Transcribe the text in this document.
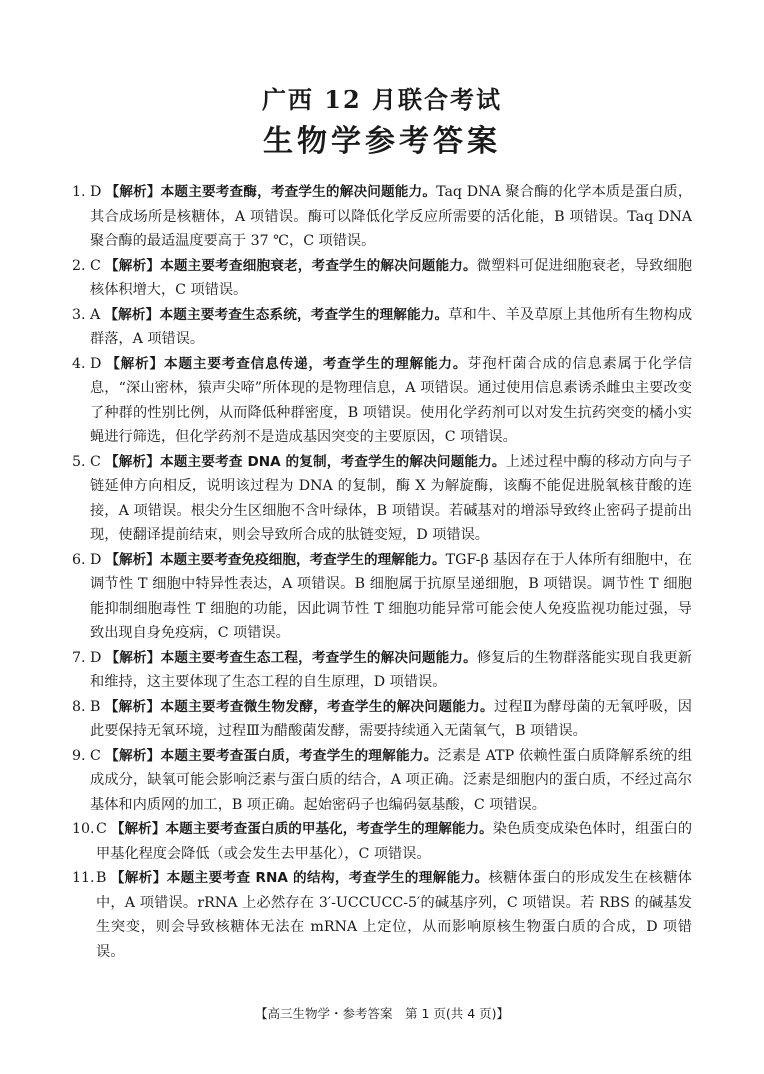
广西 12 月联合考试
生物学参考答案
1. D 【解析】本题主要考查酶，考查学生的解决问题能力。Taq DNA 聚合酶的化学本质是蛋白质，其合成场所是核糖体，A 项错误。酶可以降低化学反应所需要的活化能，B 项错误。Taq DNA 聚合酶的最适温度要高于 37 ℃，C 项错误。
2. C 【解析】本题主要考查细胞衰老，考查学生的解决问题能力。微塑料可促进细胞衰老，导致细胞核体积增大，C 项错误。
3. A 【解析】本题主要考查生态系统，考查学生的理解能力。草和牛、羊及草原上其他所有生物构成群落，A 项错误。
4. D 【解析】本题主要考查信息传递，考查学生的理解能力。芽孢杆菌合成的信息素属于化学信息，“深山密林，猿声尖啼”所体现的是物理信息，A 项错误。通过使用信息素诱杀雌虫主要改变了种群的性别比例，从而降低种群密度，B 项错误。使用化学药剂可以对发生抗药突变的橘小实蝇进行筛选，但化学药剂不是造成基因突变的主要原因，C 项错误。
5. C 【解析】本题主要考查 DNA 的复制，考查学生的解决问题能力。上述过程中酶的移动方向与子链延伸方向相反，说明该过程为 DNA 的复制，酶 X 为解旋酶，该酶不能促进脱氧核苷酸的连接，A 项错误。根尖分生区细胞不含叶绿体，B 项错误。若碱基对的增添导致终止密码子提前出现，使翻译提前结束，则会导致所合成的肽链变短，D 项错误。
6. D 【解析】本题主要考查免疫细胞，考查学生的理解能力。TGF-β 基因存在于人体所有细胞中，在调节性 T 细胞中特异性表达，A 项错误。B 细胞属于抗原呈递细胞，B 项错误。调节性 T 细胞能抑制细胞毒性 T 细胞的功能，因此调节性 T 细胞功能异常可能会使人免疫监视功能过强，导致出现自身免疫病，C 项错误。
7. D 【解析】本题主要考查生态工程，考查学生的解决问题能力。修复后的生物群落能实现自我更新和维持，这主要体现了生态工程的自生原理，D 项错误。
8. B 【解析】本题主要考查微生物发酵，考查学生的解决问题能力。过程Ⅱ为酵母菌的无氧呼吸，因此要保持无氧环境，过程Ⅲ为醋酸菌发酵，需要持续通入无菌氧气，B 项错误。
9. C 【解析】本题主要考查蛋白质，考查学生的理解能力。泛素是 ATP 依赖性蛋白质降解系统的组成成分，缺氧可能会影响泛素与蛋白质的结合，A 项正确。泛素是细胞内的蛋白质，不经过高尔基体和内质网的加工，B 项正确。起始密码子也编码氨基酸，C 项错误。
10. C 【解析】本题主要考查蛋白质的甲基化，考查学生的理解能力。染色质变成染色体时，组蛋白的甲基化程度会降低（或会发生去甲基化），C 项错误。
11. B 【解析】本题主要考查 RNA 的结构，考查学生的理解能力。核糖体蛋白的形成发生在核糖体中，A 项错误。rRNA 上必然存在 3′-UCCUCC-5′的碱基序列，C 项错误。若 RBS 的碱基发生突变，则会导致核糖体无法在 mRNA 上定位，从而影响原核生物蛋白质的合成，D 项错误。
【高三生物学・参考答案　第 1 页(共 4 页)】
